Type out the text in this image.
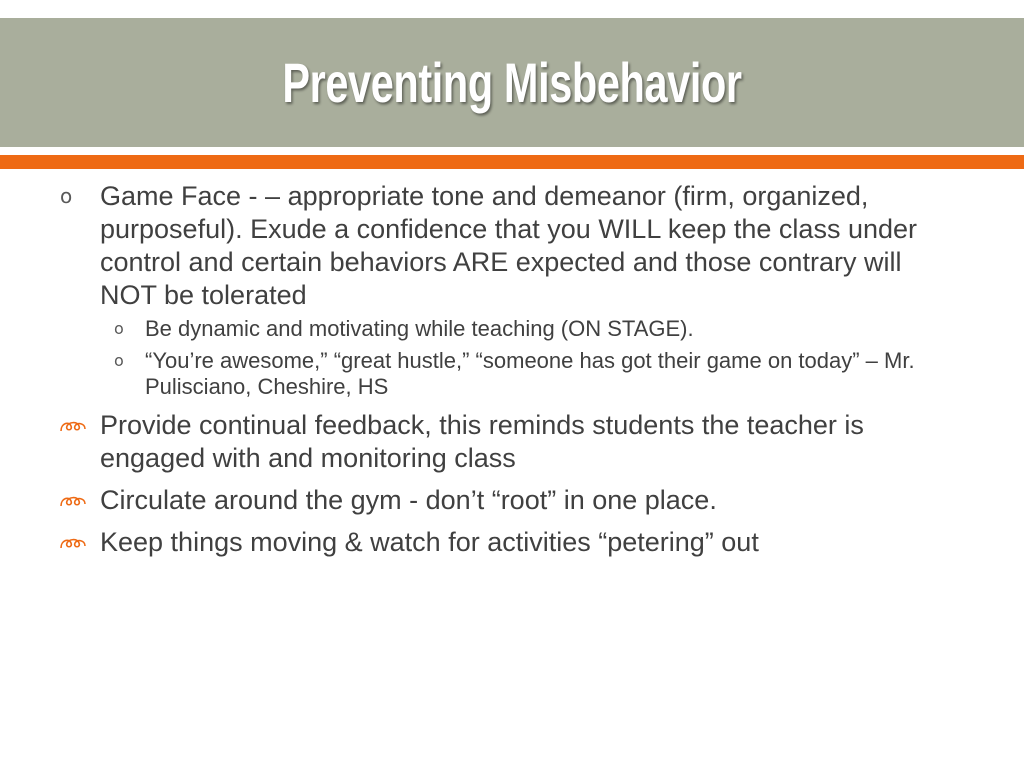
Preventing Misbehavior
o Game Face - – appropriate tone and demeanor (firm, organized, purposeful). Exude a confidence that you WILL keep the class under control and certain behaviors ARE expected and those contrary will NOT be tolerated
o Be dynamic and motivating while teaching (ON STAGE).
o “You’re awesome,” “great hustle,” “someone has got their game on today” – Mr. Pulisciano, Cheshire, HS
Provide continual feedback, this reminds students the teacher is engaged with and monitoring class
Circulate around the gym - don’t “root” in one place.
Keep things moving & watch for activities “petering” out
